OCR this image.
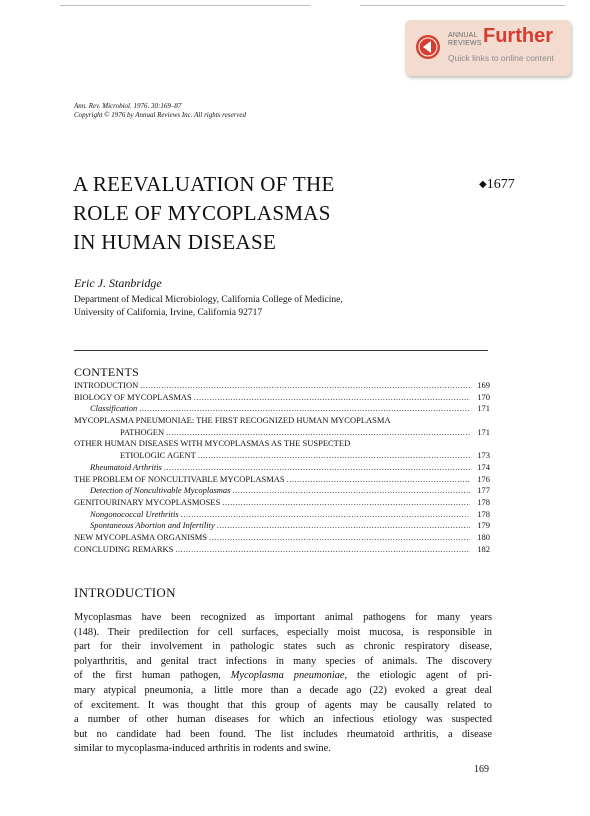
ANNUAL
REVIEWS Further
Quick links to online content
Ann. Rev. Microbiol. 1976. 30:169–87
Copyright © 1976 by Annual Reviews Inc. All rights reserved
A REEVALUATION OF THE
ROLE OF MYCOPLASMAS
IN HUMAN DISEASE
◆1677
Eric J. Stanbridge
Department of Medical Microbiology, California College of Medicine,
University of California, Irvine, California 92717
CONTENTS
INTRODUCTION .....	169
BIOLOGY OF MYCOPLASMAS .....	170
Classification .....	171
MYCOPLASMA PNEUMONIAE: THE FIRST RECOGNIZED HUMAN MYCOPLASMA
PATHOGEN .....	171
OTHER HUMAN DISEASES WITH MYCOPLASMAS AS THE SUSPECTED
ETIOLOGIC AGENT .....	173
Rheumatoid Arthritis .....	174
THE PROBLEM OF NONCULTIVABLE MYCOPLASMAS .....	176
Detection of Noncultivable Mycoplasmas .....	177
GENITOURINARY MYCOPLASMOSES .....	178
Nongonococcal Urethritis .....	178
Spontaneous Abortion and Infertility .....	179
NEW MYCOPLASMA ORGANISMS .....	180
CONCLUDING REMARKS .....	182
INTRODUCTION
Mycoplasmas have been recognized as important animal pathogens for many years
(148). Their predilection for cell surfaces, especially moist mucosa, is responsible in
part for their involvement in pathologic states such as chronic respiratory disease,
polyarthritis, and genital tract infections in many species of animals. The discovery
of the first human pathogen, Mycoplasma pneumoniae, the etiologic agent of pri-
mary atypical pneumonia, a little more than a decade ago (22) evoked a great deal
of excitement. It was thought that this group of agents may be causally related to
a number of other human diseases for which an infectious etiology was suspected
but no candidate had been found. The list includes rheumatoid arthritis, a disease
similar to mycoplasma-induced arthritis in rodents and swine.
169
